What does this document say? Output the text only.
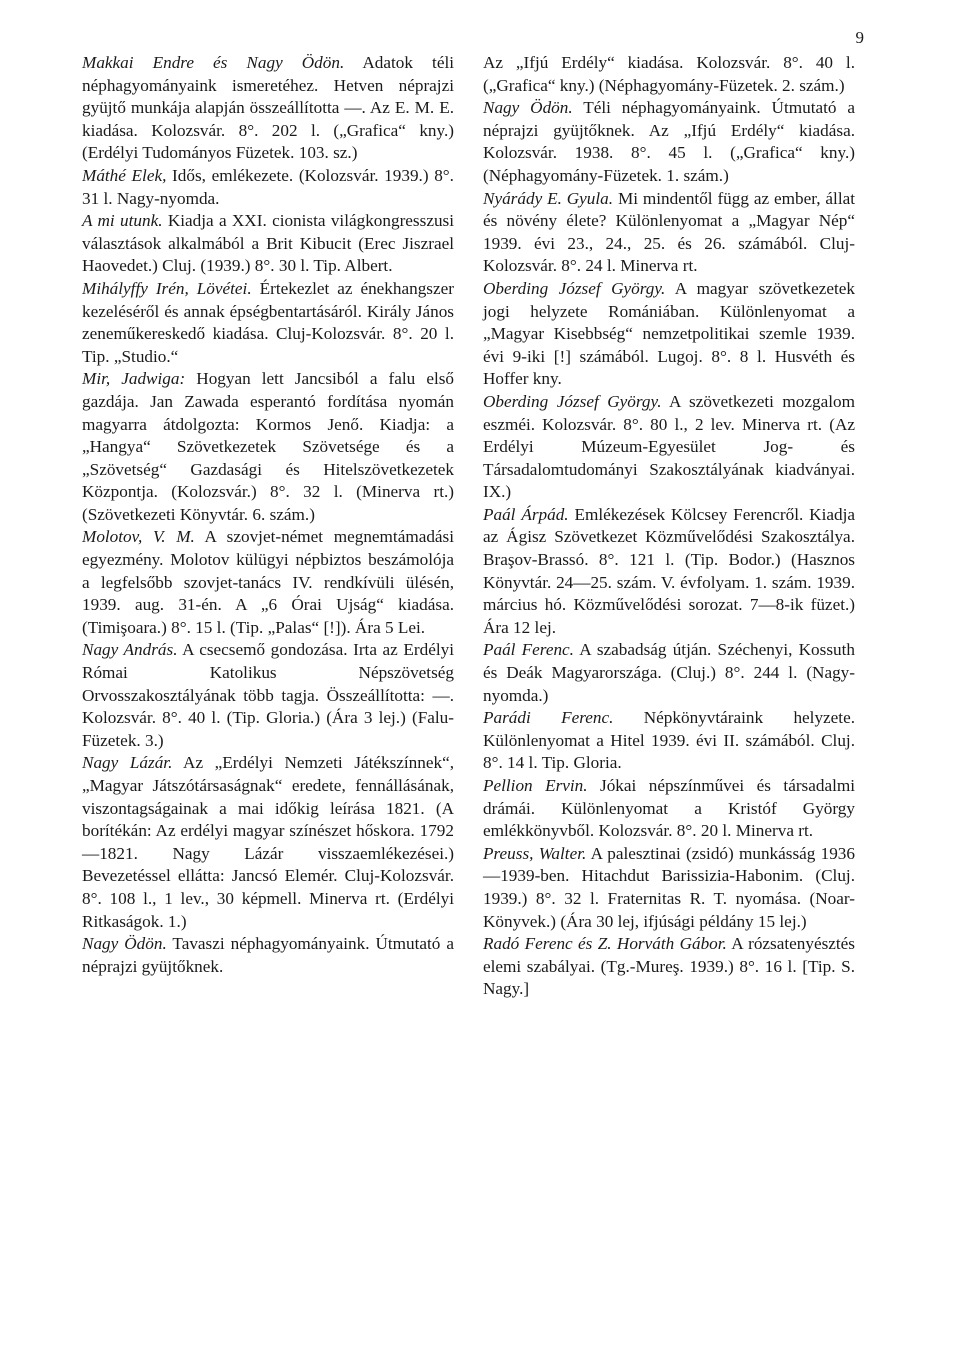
9

Makkai Endre és Nagy Ödön. Adatok téli néphagyományaink ismeretéhez. Hetven néprajzi gyüjtő munkája alapján összeállította —. Az E. M. E. kiadása. Kolozsvár. 8°. 202 l. („Grafica“ kny.) (Erdélyi Tudományos Füzetek. 103. sz.)

Máthé Elek, Idős, emlékezete. (Kolozsvár. 1939.) 8°. 31 l. Nagy-nyomda.

A mi utunk. Kiadja a XXI. cionista világkongresszusi választások alkalmából a Brit Kibucit (Erec Jiszrael Haovedet.) Cluj. (1939.) 8°. 30 l. Tip. Albert.

Mihályffy Irén, Lövétei. Értekezlet az énekhangszer kezeléséről és annak épségbentartásáról. Király János zeneműkereskedő kiadása. Cluj-Kolozsvár. 8°. 20 l. Tip. „Studio.“

Mir, Jadwiga: Hogyan lett Jancsiból a falu első gazdája. Jan Zawada esperantó fordítása nyomán magyarra átdolgozta: Kormos Jenő. Kiadja: a „Hangya“ Szövetkezetek Szövetsége és a „Szövetség“ Gazdasági és Hitelszövetkezetek Központja. (Kolozsvár.) 8°. 32 l. (Minerva rt.) (Szövetkezeti Könyvtár. 6. szám.)

Molotov, V. M. A szovjet-német megnemtámadási egyezmény. Molotov külügyi népbiztos beszámolója a legfelsőbb szovjet-tanács IV. rendkívüli ülésén, 1939. aug. 31-én. A „6 Órai Ujság“ kiadása. (Timişoara.) 8°. 15 l. (Tip. „Palas“ [!]). Ára 5 Lei.

Nagy András. A csecsemő gondozása. Irta az Erdélyi Római Katolikus Népszövetség Orvosszakosztályának több tagja. Összeállította: —. Kolozsvár. 8°. 40 l. (Tip. Gloria.) (Ára 3 lej.) (Falu-Füzetek. 3.)

Nagy Lázár. Az „Erdélyi Nemzeti Játékszínnek“, „Magyar Játszótársaságnak“ eredete, fennállásának, viszontagságainak a mai időkig leírása 1821. (A borítékán: Az erdélyi magyar színészet hőskora. 1792—1821. Nagy Lázár visszaemlékezései.) Bevezetéssel ellátta: Jancsó Elemér. Cluj-Kolozsvár. 8°. 108 l., 1 lev., 30 képmell. Minerva rt. (Erdélyi Ritkaságok. 1.)

Nagy Ödön. Tavaszi néphagyományaink. Útmutató a néprajzi gyüjtőknek.

Az „Ifjú Erdély“ kiadása. Kolozsvár. 8°. 40 l. („Grafica“ kny.) (Néphagyomány-Füzetek. 2. szám.)

Nagy Ödön. Téli néphagyományaink. Útmutató a néprajzi gyüjtőknek. Az „Ifjú Erdély“ kiadása. Kolozsvár. 1938. 8°. 45 l. („Grafica“ kny.) (Néphagyomány-Füzetek. 1. szám.)

Nyárády E. Gyula. Mi mindentől függ az ember, állat és növény élete? Különlenyomat a „Magyar Nép“ 1939. évi 23., 24., 25. és 26. számából. Cluj-Kolozsvár. 8°. 24 l. Minerva rt.

Oberding József György. A magyar szövetkezetek jogi helyzete Romániában. Különlenyomat a „Magyar Kisebbség“ nemzetpolitikai szemle 1939. évi 9-iki [!] számából. Lugoj. 8°. 8 l. Husvéth és Hoffer kny.

Oberding József György. A szövetkezeti mozgalom eszméi. Kolozsvár. 8°. 80 l., 2 lev. Minerva rt. (Az Erdélyi Múzeum-Egyesület Jog- és Társadalomtudományi Szakosztályának kiadványai. IX.)

Paál Árpád. Emlékezések Kölcsey Ferencről. Kiadja az Ágisz Szövetkezet Közművelődési Szakosztálya. Braşov-Brassó. 8°. 121 l. (Tip. Bodor.) (Hasznos Könyvtár. 24—25. szám. V. évfolyam. 1. szám. 1939. március hó. Közművelődési sorozat. 7—8-ik füzet.) Ára 12 lej.

Paál Ferenc. A szabadság útján. Széchenyi, Kossuth és Deák Magyarországa. (Cluj.) 8°. 244 l. (Nagy-nyomda.)

Parádi Ferenc. Népkönyvtáraink helyzete. Különlenyomat a Hitel 1939. évi II. számából. Cluj. 8°. 14 l. Tip. Gloria.

Pellion Ervin. Jókai népszínművei és társadalmi drámái. Különlenyomat a Kristóf György emlékkönyvből. Kolozsvár. 8°. 20 l. Minerva rt.

Preuss, Walter. A palesztinai (zsidó) munkásság 1936—1939-ben. Hitachdut Barissizia-Habonim. (Cluj. 1939.) 8°. 32 l. Fraternitas R. T. nyomása. (Noar-Könyvek.) (Ára 30 lej, ifjúsági példány 15 lej.)

Radó Ferenc és Z. Horváth Gábor. A rózsatenyésztés elemi szabályai. (Tg.-Mureş. 1939.) 8°. 16 l. [Tip. S. Nagy.]
